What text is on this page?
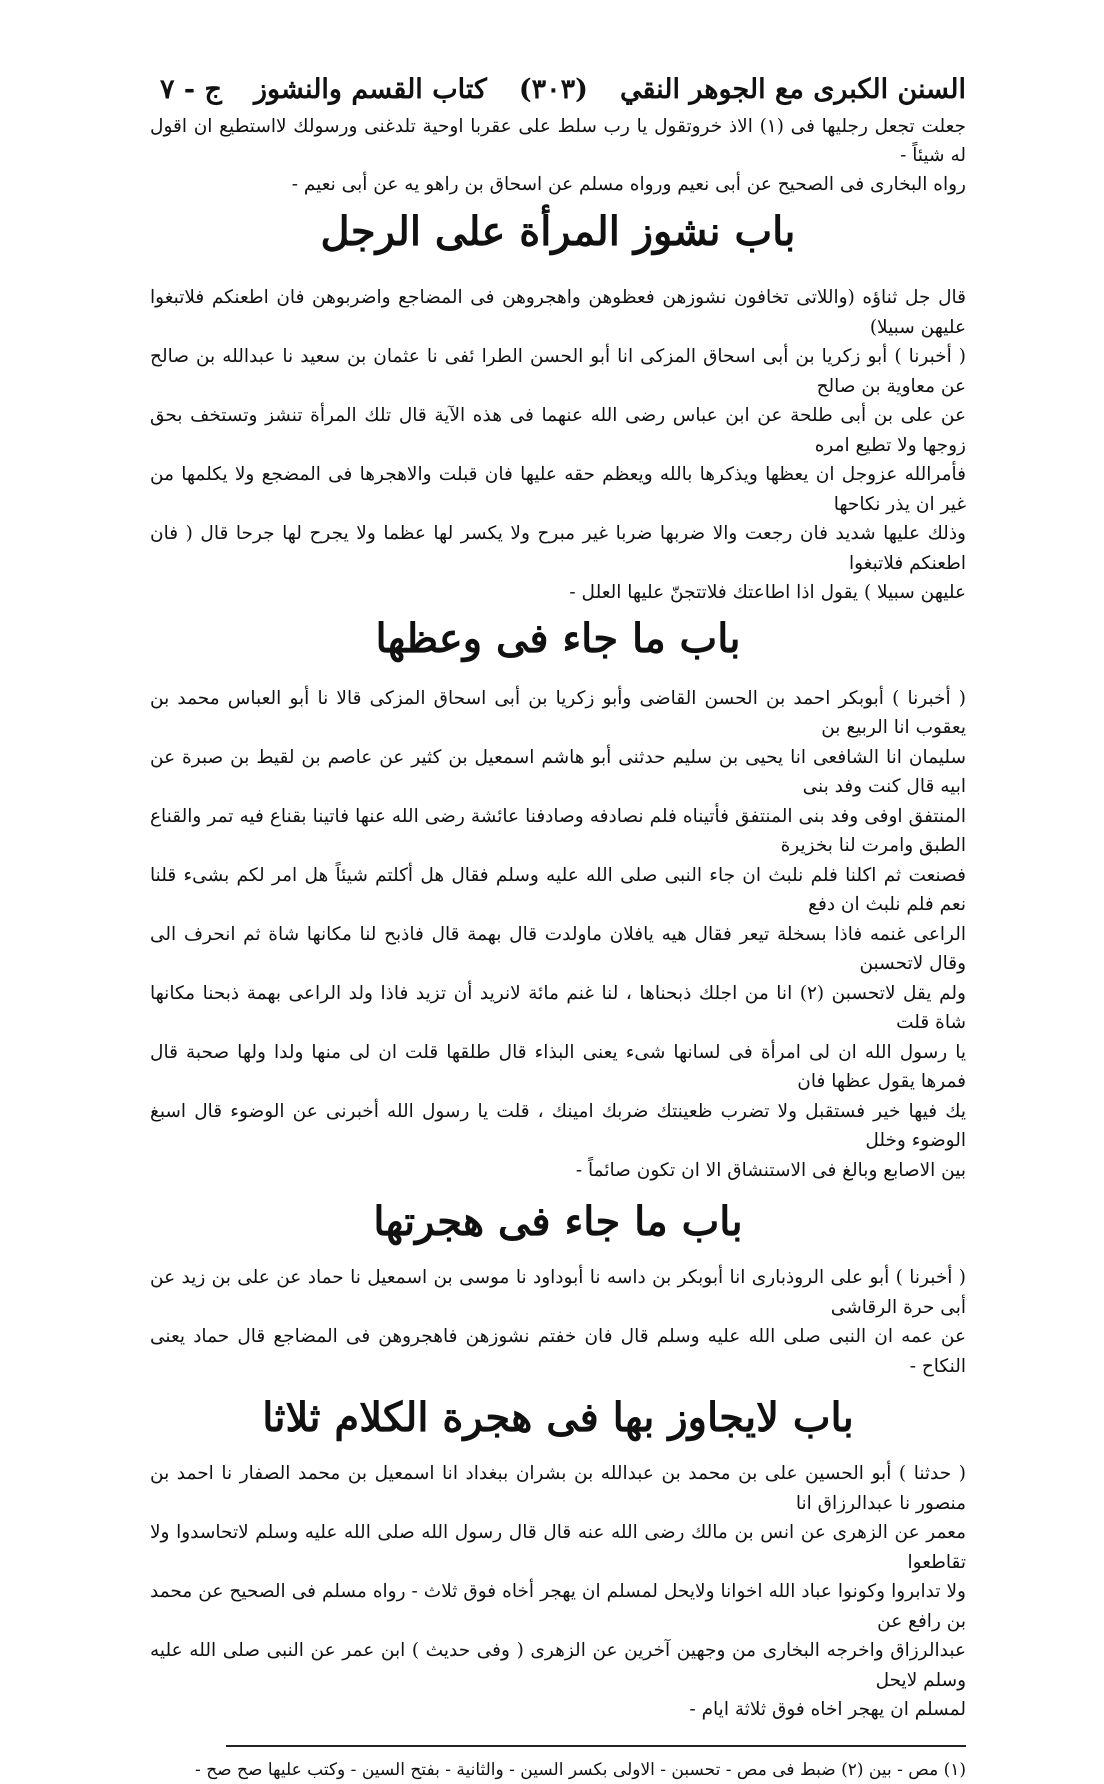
السنن الكبرى مع الجوهر النقي
(٣٠٣)
كتاب القسم والنشوز
ج - ٧

جعلت تجعل رجليها فى (١) الاذ خروتقول يا رب سلط على عقربا اوحية تلدغنى ورسولك لااستطيع ان اقول له شيئاً -

رواه البخارى فى الصحيح عن أبى نعيم ورواه مسلم عن اسحاق بن راهو يه عن أبى نعيم -

باب نشوز المرأة على الرجل

قال جل ثناؤه (واللاتى تخافون نشوزهن فعظوهن واهجروهن فى المضاجع واضربوهن فان اطعنكم فلاتبغوا عليهن سبيلا)

( أخبرنا ) أبو زكريا بن أبى اسحاق المزكى انا أبو الحسن الطرا ئفى نا عثمان بن سعيد نا عبدالله بن صالح عن معاوية بن صالح

عن على بن أبى طلحة عن ابن عباس رضى الله عنهما فى هذه الآية قال تلك المرأة تنشز وتستخف بحق زوجها ولا تطيع امره

فأمرالله عزوجل ان يعظها ويذكرها بالله ويعظم حقه عليها فان قبلت والاهجرها فى المضجع ولا يكلمها من غير ان يذر نكاحها

وذلك عليها شديد فان رجعت والا ضربها ضربا غير مبرح ولا يكسر لها عظما ولا يجرح لها جرحا قال ( فان اطعنكم فلاتبغوا

عليهن سبيلا ) يقول اذا اطاعتك فلاتتجنّ عليها العلل -

باب ما جاء فى وعظها

( أخبرنا ) أبوبكر احمد بن الحسن القاضى وأبو زكريا بن أبى اسحاق المزكى قالا نا أبو العباس محمد بن يعقوب انا الربيع بن

سليمان انا الشافعى انا يحيى بن سليم حدثنى أبو هاشم اسمعيل بن كثير عن عاصم بن لقيط بن صبرة عن ابيه قال كنت وفد بنى

المنتفق اوفى وفد بنى المنتفق فأتيناه فلم نصادفه وصادفنا عائشة رضى الله عنها فاتينا بقناع فيه تمر والقناع الطبق وامرت لنا بخزيرة

فصنعت ثم اكلنا فلم نلبث ان جاء النبى صلى الله عليه وسلم فقال هل أكلتم شيئاً هل امر لكم بشىء قلنا نعم فلم نلبث ان دفع

الراعى غنمه فاذا بسخلة تيعر فقال هيه يافلان ماولدت قال بهمة قال فاذبح لنا مكانها شاة ثم انحرف الى وقال لاتحسبن

ولم يقل لاتحسبن (٢) انا من اجلك ذبحناها ، لنا غنم مائة لانريد أن تزيد فاذا ولد الراعى بهمة ذبحنا مكانها شاة قلت

يا رسول الله ان لى امرأة فى لسانها شىء يعنى البذاء قال طلقها قلت ان لى منها ولدا ولها صحبة قال فمرها يقول عظها فان

يك فيها خير فستقبل ولا تضرب ظعينتك ضربك امينك ، قلت يا رسول الله أخبرنى عن الوضوء قال اسبغ الوضوء وخلل

بين الاصابع وبالغ فى الاستنشاق الا ان تكون صائماً -

باب ما جاء فى هجرتها

( أخبرنا ) أبو على الروذبارى انا أبوبكر بن داسه نا أبوداود نا موسى بن اسمعيل نا حماد عن على بن زيد عن أبى حرة الرقاشى

عن عمه ان النبى صلى الله عليه وسلم قال فان خفتم نشوزهن فاهجروهن فى المضاجع قال حماد يعنى النكاح -

باب لايجاوز بها فى هجرة الكلام ثلاثا

( حدثنا ) أبو الحسين على بن محمد بن عبدالله بن بشران ببغداد انا اسمعيل بن محمد الصفار نا احمد بن منصور نا عبدالرزاق انا

معمر عن الزهرى عن انس بن مالك رضى الله عنه قال قال رسول الله صلى الله عليه وسلم لاتحاسدوا ولا تقاطعوا

ولا تدابروا وكونوا عباد الله اخوانا ولايحل لمسلم ان يهجر أخاه فوق ثلاث - رواه مسلم فى الصحيح عن محمد بن رافع عن

عبدالرزاق واخرجه البخارى من وجهين آخرين عن الزهرى ( وفى حديث ) ابن عمر عن النبى صلى الله عليه وسلم لايحل

لمسلم ان يهجر اخاه فوق ثلاثة ايام -

(١) مص - بين (٢) ضبط فى مص - تحسبن - الاولى بكسر السين - والثانية - بفتح السين - وكتب عليها صح صح -
